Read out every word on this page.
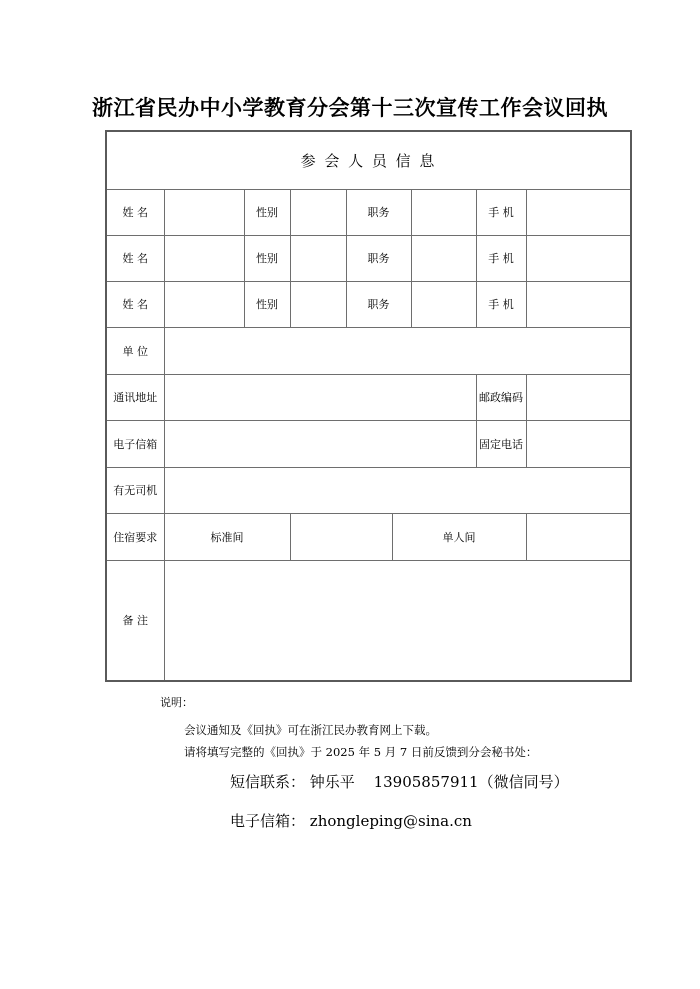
浙江省民办中小学教育分会第十三次宣传工作会议回执
参 会 人 员 信 息								
姓 名		性别		职务			手 机	
姓 名		性别		职务			手 机	
姓 名		性别		职务			手 机	
单 位								
通讯地址							邮政编码	
电子信箱							固定电话	
有无司机								
住宿要求	标准间				单人间			
备 注								
说明：
会议通知及《回执》可在浙江民办教育网上下载。
请将填写完整的《回执》于 2025 年 5 月 7 日前反馈到分会秘书处：
短信联系： 钟乐平 13905857911（微信同号）
电子信箱： zhongleping@sina.cn
